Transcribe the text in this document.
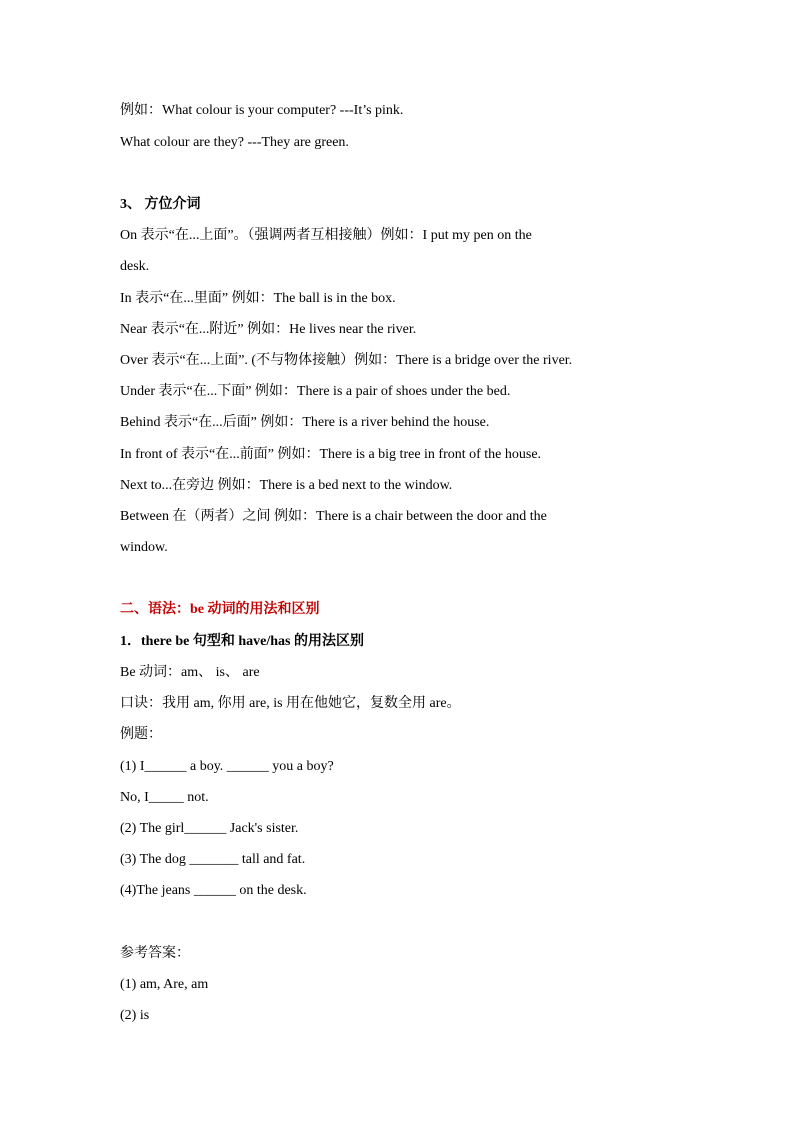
例如：What colour is your computer? ---It’s pink.
What colour are they? ---They are green.
3、 方位介词
On 表示“在...上面”。（强调两者互相接触）例如：I put my pen on the
desk.
In 表示“在...里面” 例如：The ball is in the box.
Near 表示“在...附近” 例如：He lives near the river.
Over 表示“在...上面”. (不与物体接触）例如：There is a bridge over the river.
Under 表示“在...下面” 例如：There is a pair of shoes under the bed.
Behind 表示“在...后面” 例如：There is a river behind the house.
In front of 表示“在...前面” 例如：There is a big tree in front of the house.
Next to...在旁边 例如：There is a bed next to the window.
Between 在（两者）之间 例如：There is a chair between the door and the
window.
二、语法：be 动词的用法和区别
1．there be 句型和 have/has 的用法区别
Be 动词：am、 is、 are
口诀：我用 am, 你用 are, is 用在他她它，复数全用 are。
例题：
(1) I______ a boy. ______ you a boy?
No, I_____ not.
(2) The girl______ Jack's sister.
(3) The dog _______ tall and fat.
(4)The jeans ______ on the desk.
参考答案：
(1) am, Are, am
(2) is
